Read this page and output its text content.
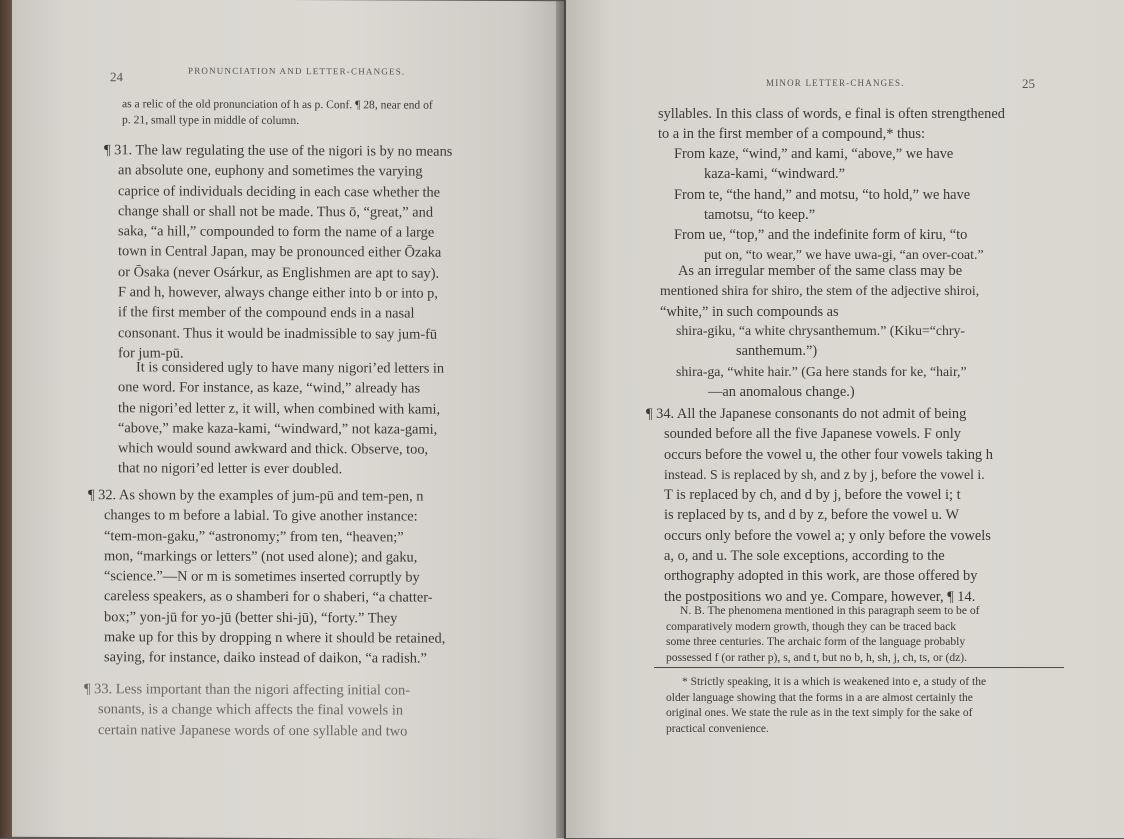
24	PRONUNCIATION AND LETTER-CHANGES.

as a relic of the old pronunciation of h as p. Conf. ¶ 28, near end of

p. 21, small type in middle of column.

¶ 31. The law regulating the use of the nigori is by no means

an absolute one, euphony and sometimes the varying

caprice of individuals deciding in each case whether the

change shall or shall not be made. Thus ō, “great,” and

saka, “a hill,” compounded to form the name of a large

town in Central Japan, may be pronounced either Ōzaka

or Ōsaka (never Osárkur, as Englishmen are apt to say).

F and h, however, always change either into b or into p,

if the first member of the compound ends in a nasal

consonant. Thus it would be inadmissible to say jum-fū

for jum-pū.

It is considered ugly to have many nigori’ed letters in

one word. For instance, as kaze, “wind,” already has

the nigori’ed letter z, it will, when combined with kami,

“above,” make kaza-kami, “windward,” not kaza-gami,

which would sound awkward and thick. Observe, too,

that no nigori’ed letter is ever doubled.

¶ 32. As shown by the examples of jum-pū and tem-pen, n

changes to m before a labial. To give another instance:

“tem-mon-gaku,” “astronomy;” from ten, “heaven;”

mon, “markings or letters” (not used alone); and gaku,

“science.”—N or m is sometimes inserted corruptly by

careless speakers, as o shamberi for o shaberi, “a chatter-

box;” yon-jū for yo-jū (better shi-jū), “forty.” They

make up for this by dropping n where it should be retained,

saying, for instance, daiko instead of daikon, “a radish.”

¶ 33. Less important than the nigori affecting initial con-

sonants, is a change which affects the final vowels in

certain native Japanese words of one syllable and two

MINOR LETTER-CHANGES.	25

syllables. In this class of words, e final is often strengthened

to a in the first member of a compound,* thus:

From kaze, “wind,” and kami, “above,” we have

kaza-kami, “windward.”

From te, “the hand,” and motsu, “to hold,” we have

tamotsu, “to keep.”

From ue, “top,” and the indefinite form of kiru, “to

put on, “to wear,” we have uwa-gi, “an over-coat.”

As an irregular member of the same class may be

mentioned shira for shiro, the stem of the adjective shiroi,

“white,” in such compounds as

shira-giku, “a white chrysanthemum.” (Kiku=“chry-

santhemum.”)

shira-ga, “white hair.” (Ga here stands for ke, “hair,”

—an anomalous change.)

¶ 34. All the Japanese consonants do not admit of being

sounded before all the five Japanese vowels. F only

occurs before the vowel u, the other four vowels taking h

instead. S is replaced by sh, and z by j, before the vowel i.

T is replaced by ch, and d by j, before the vowel i; t

is replaced by ts, and d by z, before the vowel u. W

occurs only before the vowel a; y only before the vowels

a, o, and u. The sole exceptions, according to the

orthography adopted in this work, are those offered by

the postpositions wo and ye. Compare, however, ¶ 14.

N. B. The phenomena mentioned in this paragraph seem to be of

comparatively modern growth, though they can be traced back

some three centuries. The archaic form of the language probably

possessed f (or rather p), s, and t, but no b, h, sh, j, ch, ts, or (dz).

* Strictly speaking, it is a which is weakened into e, a study of the

older language showing that the forms in a are almost certainly the

original ones. We state the rule as in the text simply for the sake of

practical convenience.
